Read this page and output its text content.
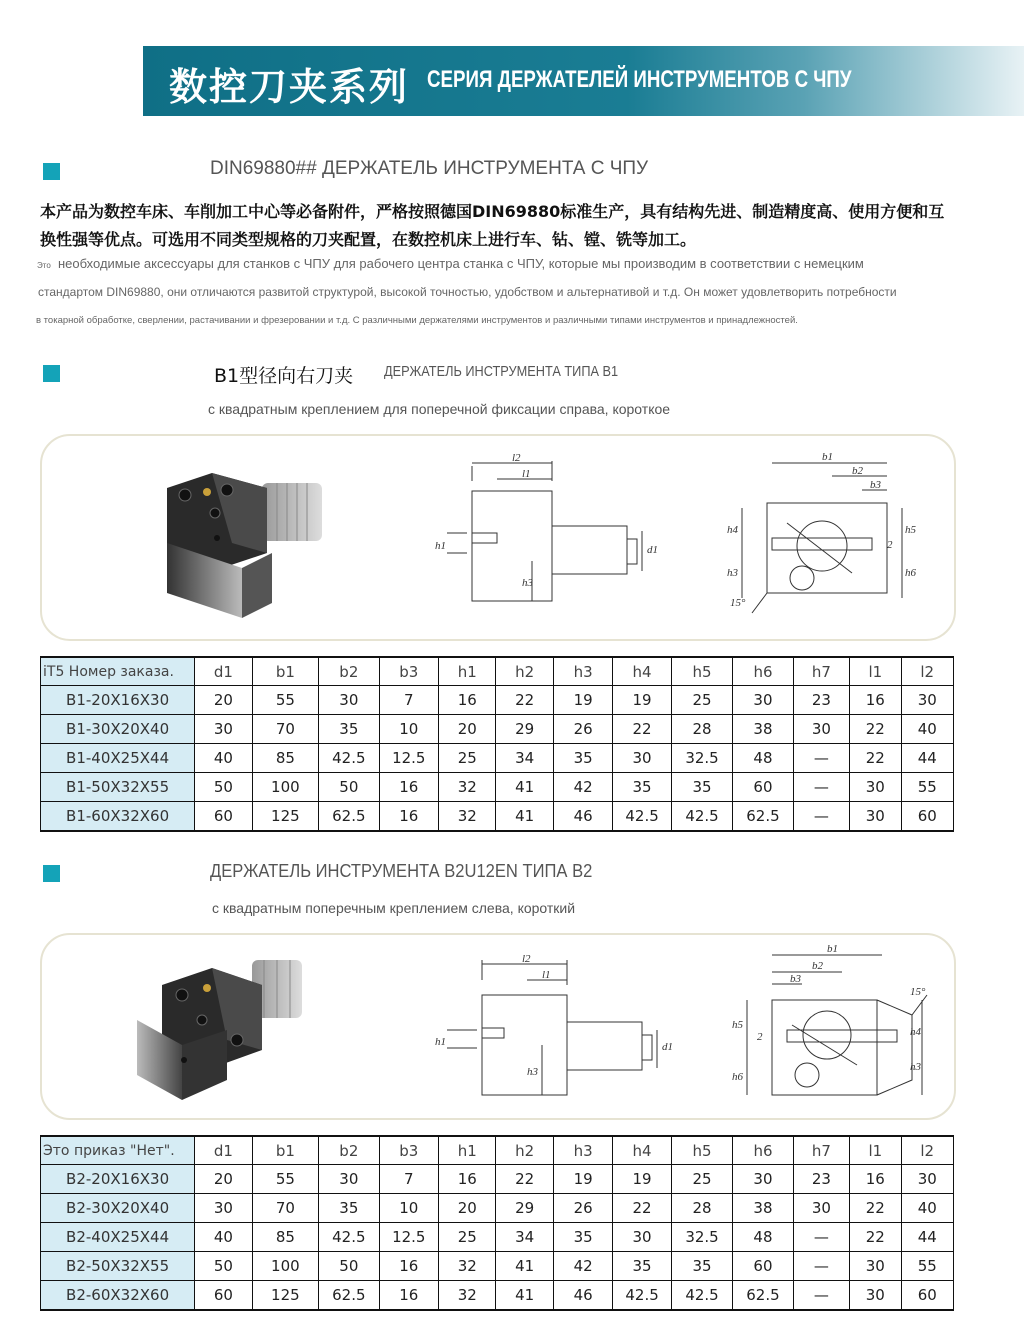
数控刀夹系列 СЕРИЯ ДЕРЖАТЕЛЕЙ ИНСТРУМЕНТОВ С ЧПУ
DIN69880## ДЕРЖАТЕЛЬ ИНСТРУМЕНТА С ЧПУ
本产品为数控车床、车削加工中心等必备附件，严格按照德国DIN69880标准生产，具有结构先进、制造精度高、使用方便和互换性强等优点。可选用不同类型规格的刀夹配置，在数控机床上进行车、钻、镗、铣等加工。
Это необходимые аксессуары для станков с ЧПУ для рабочего центра станка с ЧПУ, которые мы производим в соответствии с немецким
стандартом DIN69880, они отличаются развитой структурой, высокой точностью, удобством и альтернативой и т.д. Он может удовлетворить потребности
в токарной обработке, сверлении, растачивании и фрезеровании и т.д. С различными держателями инструментов и различными типами инструментов и принадлежностей.
B1型径向右刀夹 ДЕРЖАТЕЛЬ ИНСТРУМЕНТА ТИПА B1
с квадратным креплением для поперечной фиксации справа, короткое
l2
l1
d1
h1
h3
b1
b2
b3
h4
h3
h5
h6
15°
2
iT5 Номер заказа.	d1	b1	b2	b3	h1	h2	h3	h4	h5	h6	h7	l1	l2
B1-20X16X30	20	55	30	7	16	22	19	19	25	30	23	16	30
B1-30X20X40	30	70	35	10	20	29	26	22	28	38	30	22	40
B1-40X25X44	40	85	42.5	12.5	25	34	35	30	32.5	48	—	22	44
B1-50X32X55	50	100	50	16	32	41	42	35	35	60	—	30	55
B1-60X32X60	60	125	62.5	16	32	41	46	42.5	42.5	62.5	—	30	60
ДЕРЖАТЕЛЬ ИНСТРУМЕНТА B2U12EN ТИПА B2
с квадратным поперечным креплением слева, короткий
l2
l1
d1
h1
h3
b1
b2
b3
h5
h6
h4
h3
15°
2
Это приказ "Нет".	d1	b1	b2	b3	h1	h2	h3	h4	h5	h6	h7	l1	l2
B2-20X16X30	20	55	30	7	16	22	19	19	25	30	23	16	30
B2-30X20X40	30	70	35	10	20	29	26	22	28	38	30	22	40
B2-40X25X44	40	85	42.5	12.5	25	34	35	30	32.5	48	—	22	44
B2-50X32X55	50	100	50	16	32	41	42	35	35	60	—	30	55
B2-60X32X60	60	125	62.5	16	32	41	46	42.5	42.5	62.5	—	30	60
